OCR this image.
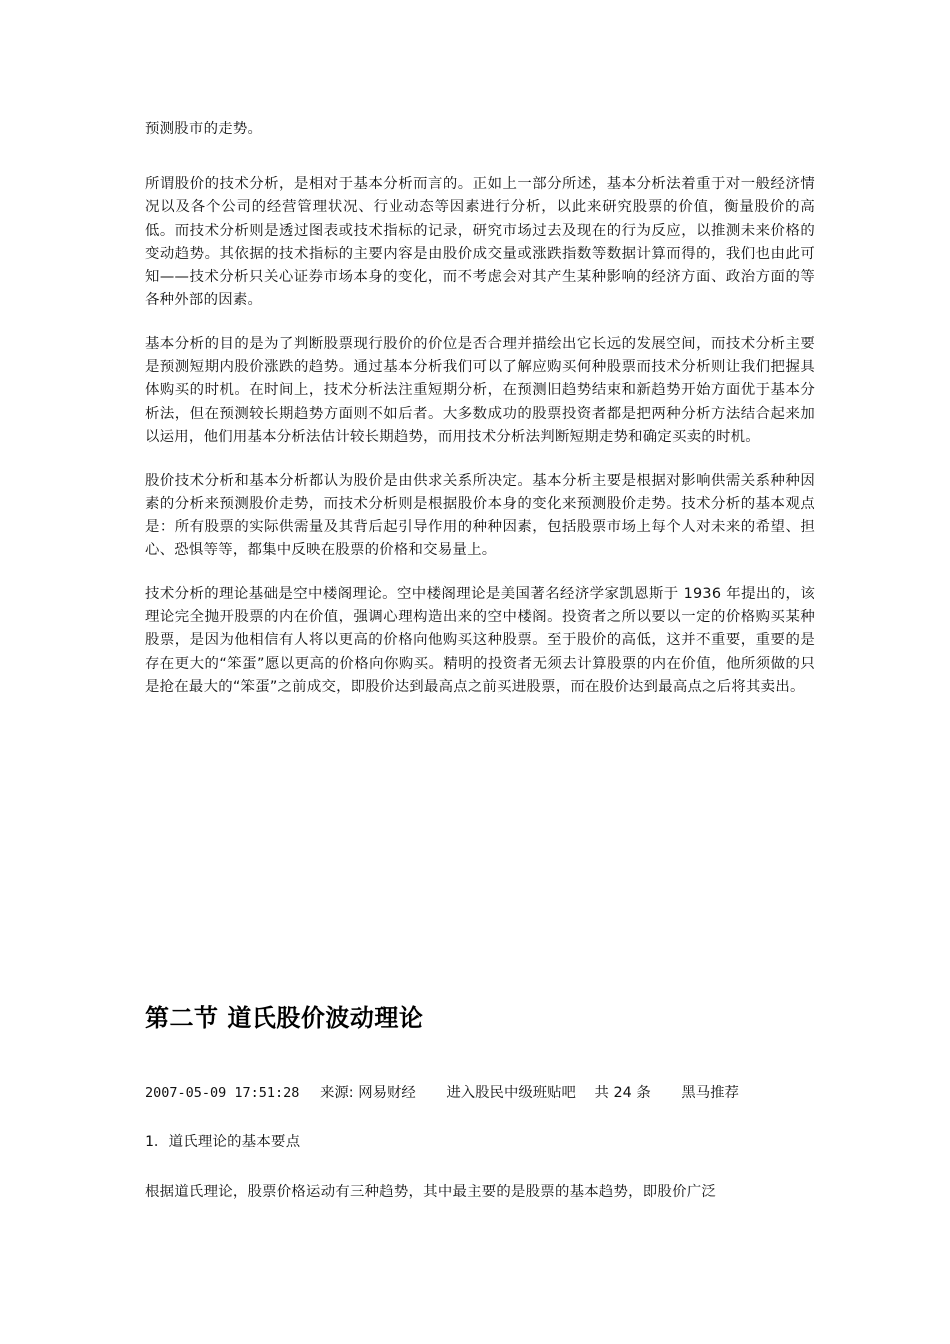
预测股市的走势。

所谓股价的技术分析，是相对于基本分析而言的。正如上一部分所述，基本分析法着重于对一般经济情况以及各个公司的经营管理状况、行业动态等因素进行分析，以此来研究股票的价值，衡量股价的高低。而技术分析则是透过图表或技术指标的记录，研究市场过去及现在的行为反应，以推测未来价格的变动趋势。其依据的技术指标的主要内容是由股价成交量或涨跌指数等数据计算而得的，我们也由此可知——技术分析只关心证券市场本身的变化，而不考虑会对其产生某种影响的经济方面、政治方面的等各种外部的因素。

基本分析的目的是为了判断股票现行股价的价位是否合理并描绘出它长远的发展空间，而技术分析主要是预测短期内股价涨跌的趋势。通过基本分析我们可以了解应购买何种股票而技术分析则让我们把握具体购买的时机。在时间上，技术分析法注重短期分析，在预测旧趋势结束和新趋势开始方面优于基本分析法，但在预测较长期趋势方面则不如后者。大多数成功的股票投资者都是把两种分析方法结合起来加以运用，他们用基本分析法估计较长期趋势，而用技术分析法判断短期走势和确定买卖的时机。

股价技术分析和基本分析都认为股价是由供求关系所决定。基本分析主要是根据对影响供需关系种种因素的分析来预测股价走势，而技术分析则是根据股价本身的变化来预测股价走势。技术分析的基本观点是：所有股票的实际供需量及其背后起引导作用的种种因素，包括股票市场上每个人对未来的希望、担心、恐惧等等，都集中反映在股票的价格和交易量上。

技术分析的理论基础是空中楼阁理论。空中楼阁理论是美国著名经济学家凯恩斯于 1936 年提出的，该理论完全抛开股票的内在价值，强调心理构造出来的空中楼阁。投资者之所以要以一定的价格购买某种股票，是因为他相信有人将以更高的价格向他购买这种股票。至于股价的高低，这并不重要，重要的是存在更大的“笨蛋”愿以更高的价格向你购买。精明的投资者无须去计算股票的内在价值，他所须做的只是抢在最大的“笨蛋”之前成交，即股价达到最高点之前买进股票，而在股价达到最高点之后将其卖出。

第二节 道氏股价波动理论
2007-05-09 17:51:28 来源: 网易财经 进入股民中级班贴吧 共 24 条 黑马推荐
1．道氏理论的基本要点
根据道氏理论，股票价格运动有三种趋势，其中最主要的是股票的基本趋势，即股价广泛
